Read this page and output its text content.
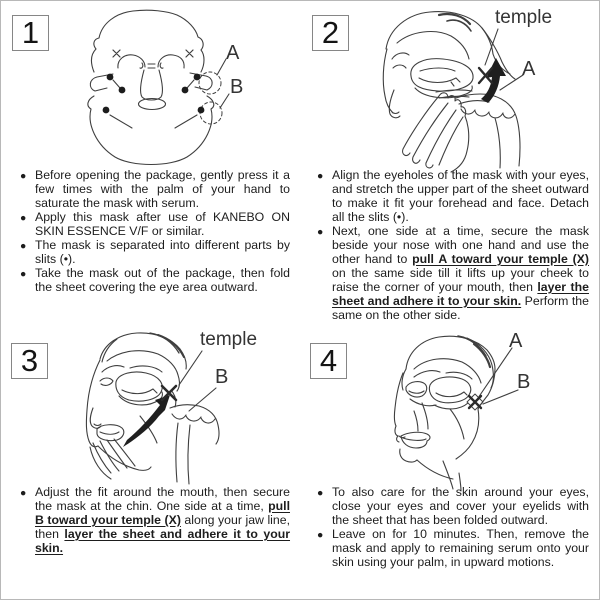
1
A
B
● Before opening the package, gently press it a few times with the palm of your hand to saturate the mask with serum.
● Apply this mask after use of KANEBO ON SKIN ESSENCE V/F or similar.
● The mask is separated into different parts by slits (•).
● Take the mask out of the package, then fold the sheet covering the eye area outward.
2	temple
A
● Align the eyeholes of the mask with your eyes, and stretch the upper part of the sheet outward to make it fit your forehead and face. Detach all the slits (•).
● Next, one side at a time, secure the mask beside your nose with one hand and use the other hand to pull A toward your temple (X) on the same side till it lifts up your cheek to raise the corner of your mouth, then layer the sheet and adhere it to your skin. Perform the same on the other side.
3
temple
B
● Adjust the fit around the mouth, then secure the mask at the chin. One side at a time, pull B toward your temple (X) along your jaw line, then layer the sheet and adhere it to your skin.
4
A
B
● To also care for the skin around your eyes, close your eyes and cover your eyelids with the sheet that has been folded outward.
● Leave on for 10 minutes. Then, remove the mask and apply to remaining serum onto your skin using your palm, in upward motions.
